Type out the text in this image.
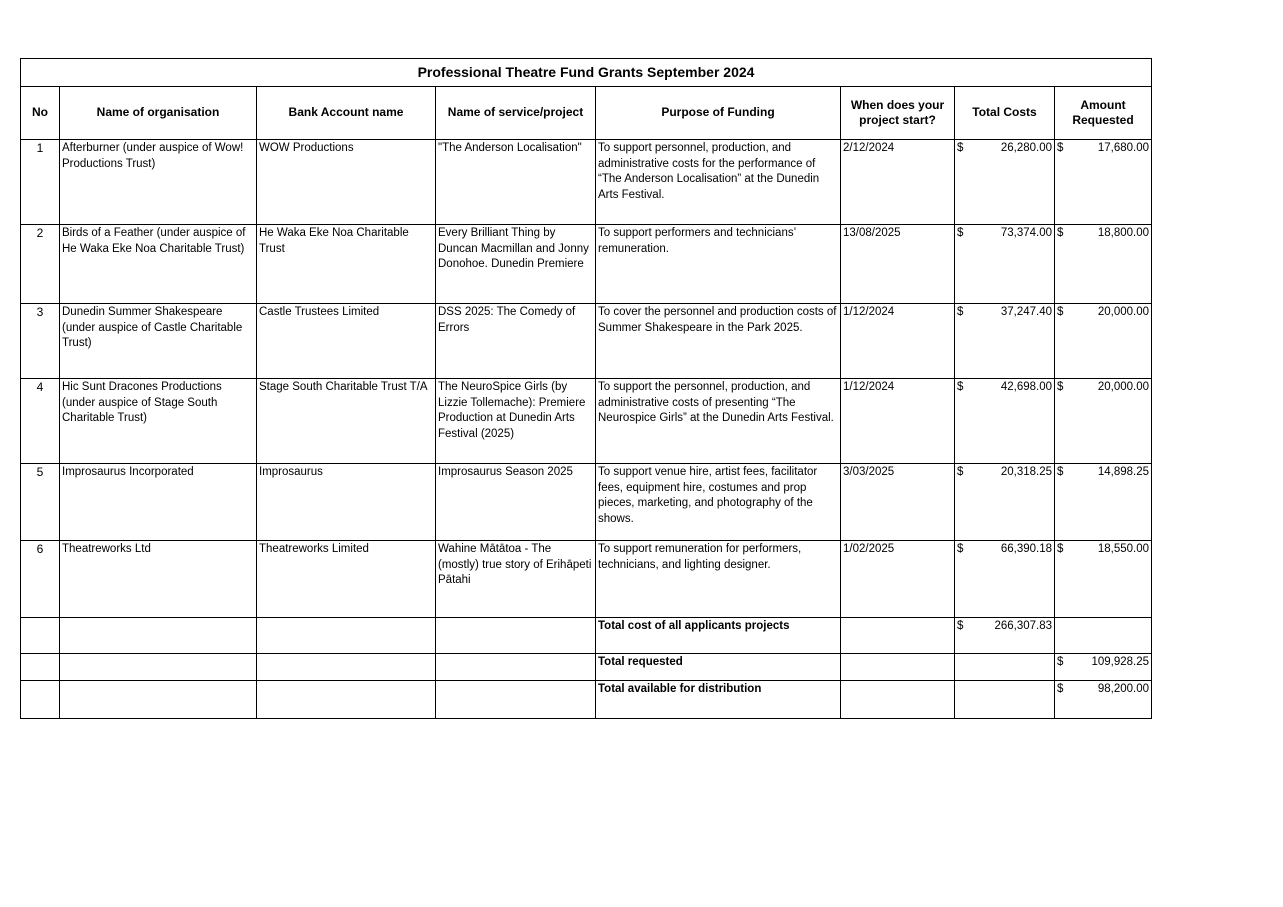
Professional Theatre Fund Grants September 2024							
No	Name of organisation	Bank Account name	Name of service/project	Purpose of Funding	When does your project start?	Total Costs	Amount Requested
1	Afterburner (under auspice of Wow! Productions Trust)	WOW Productions	"The Anderson Localisation"	To support personnel, production, and administrative costs for the performance of “The Anderson Localisation” at the Dunedin Arts Festival.	2/12/2024	$ 26,280.00	$ 17,680.00

2	Birds of a Feather (under auspice of He Waka Eke Noa Charitable Trust)	He Waka Eke Noa Charitable Trust	Every Brilliant Thing by Duncan Macmillan and Jonny Donohoe. Dunedin Premiere	To support performers and technicians’ remuneration.	13/08/2025	$ 73,374.00	$ 18,800.00

3	Dunedin Summer Shakespeare (under auspice of Castle Charitable Trust)	Castle Trustees Limited	DSS 2025: The Comedy of Errors	To cover the personnel and production costs of Summer Shakespeare in the Park 2025.	1/12/2024	$ 37,247.40	$ 20,000.00

4	Hic Sunt Dracones Productions (under auspice of Stage South Charitable Trust)	Stage South Charitable Trust T/A	The NeuroSpice Girls (by Lizzie Tollemache): Premiere Production at Dunedin Arts Festival (2025)	To support the personnel, production, and administrative costs of presenting “The Neurospice Girls” at the Dunedin Arts Festival.	1/12/2024	$ 42,698.00	$ 20,000.00

5	Improsaurus Incorporated	Improsaurus	Improsaurus Season 2025	To support venue hire, artist fees, facilitator fees, equipment hire, costumes and prop pieces, marketing, and photography of the shows.	3/03/2025	$ 20,318.25	$ 14,898.25

6	Theatreworks Ltd	Theatreworks Limited	Wahine Mātātoa - The (mostly) true story of Erihāpeti Pātahi	To support remuneration for performers, technicians, and lighting designer.	1/02/2025	$ 66,390.18	$ 18,550.00

				Total cost of all applicants projects		$ 266,307.83	

				Total requested			$ 109,928.25

				Total available for distribution			$ 98,200.00
